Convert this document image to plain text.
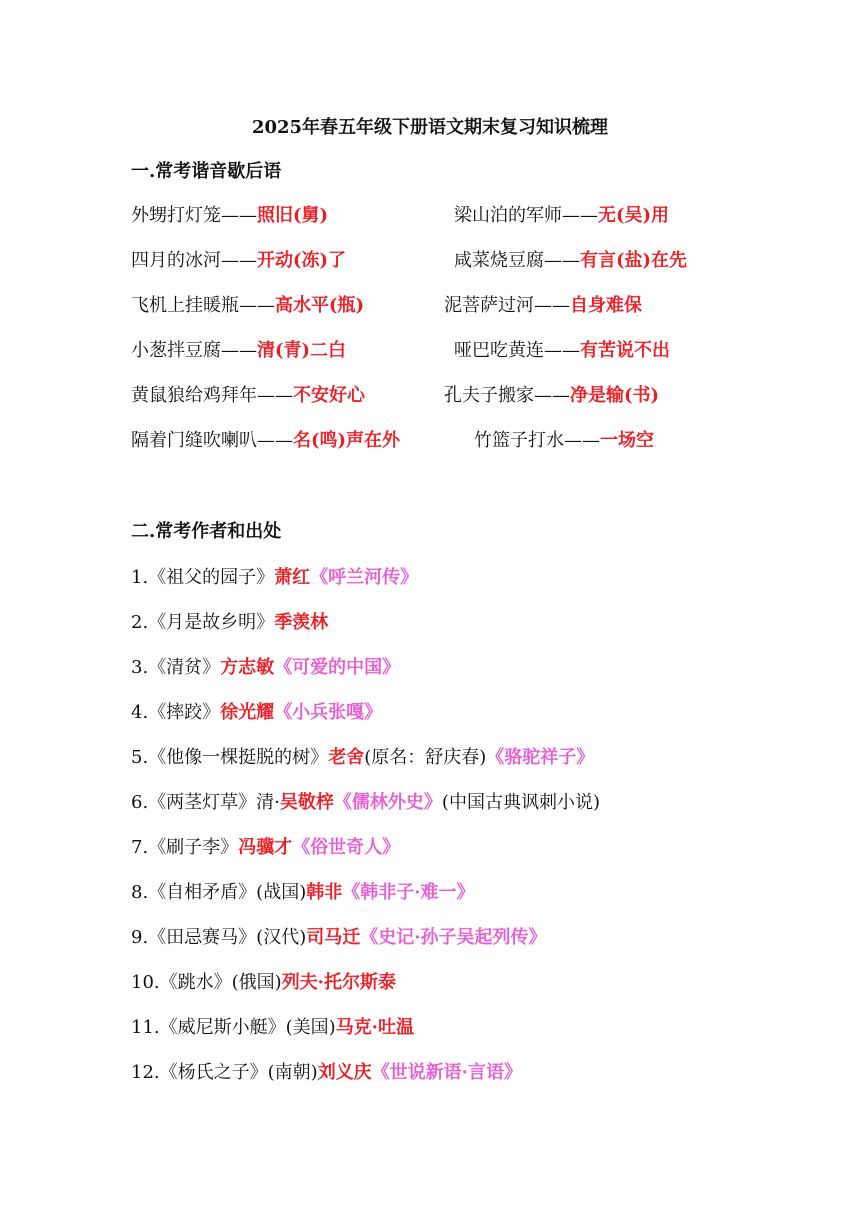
2025年春五年级下册语文期末复习知识梳理
一.常考谐音歇后语
外甥打灯笼——照旧(舅)	梁山泊的军师——无(吴)用
四月的冰河——开动(冻)了	咸菜烧豆腐——有言(盐)在先
飞机上挂暖瓶——高水平(瓶)	泥菩萨过河——自身难保
小葱拌豆腐——清(青)二白	哑巴吃黄连——有苦说不出
黄鼠狼给鸡拜年——不安好心	孔夫子搬家——净是输(书)
隔着门缝吹喇叭——名(鸣)声在外	竹篮子打水——一场空
二.常考作者和出处
1.《祖父的园子》萧红《呼兰河传》
2.《月是故乡明》季羡林
3.《清贫》方志敏《可爱的中国》
4.《摔跤》徐光耀《小兵张嘎》
5.《他像一棵挺脱的树》老舍(原名：舒庆春)《骆驼祥子》
6.《两茎灯草》清·吴敬梓《儒林外史》(中国古典讽刺小说)
7.《刷子李》冯骥才《俗世奇人》
8.《自相矛盾》(战国)韩非《韩非子·难一》
9.《田忌赛马》(汉代)司马迁《史记·孙子吴起列传》
10.《跳水》(俄国)列夫·托尔斯泰
11.《威尼斯小艇》(美国)马克·吐温
12.《杨氏之子》(南朝)刘义庆《世说新语·言语》
